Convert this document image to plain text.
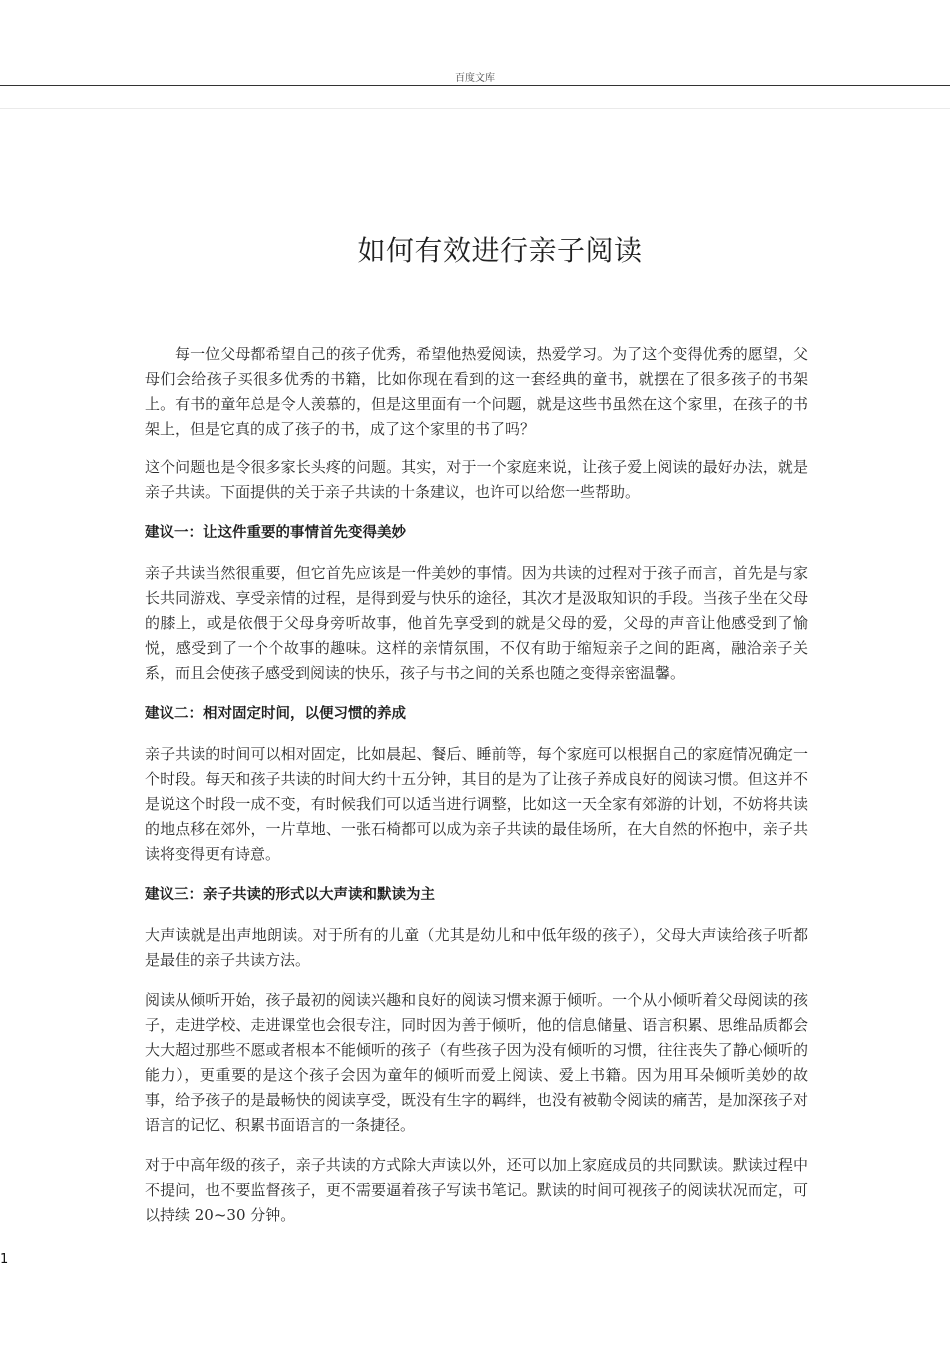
百度文库
如何有效进行亲子阅读

每一位父母都希望自己的孩子优秀，希望他热爱阅读，热爱学习。为了这个变得优秀的愿望，父母们会给孩子买很多优秀的书籍，比如你现在看到的这一套经典的童书，就摆在了很多孩子的书架上。有书的童年总是令人羡慕的，但是这里面有一个问题，就是这些书虽然在这个家里，在孩子的书架上，但是它真的成了孩子的书，成了这个家里的书了吗？

这个问题也是令很多家长头疼的问题。其实，对于一个家庭来说，让孩子爱上阅读的最好办法，就是亲子共读。下面提供的关于亲子共读的十条建议，也许可以给您一些帮助。

建议一：让这件重要的事情首先变得美妙

亲子共读当然很重要，但它首先应该是一件美妙的事情。因为共读的过程对于孩子而言，首先是与家长共同游戏、享受亲情的过程，是得到爱与快乐的途径，其次才是汲取知识的手段。当孩子坐在父母的膝上，或是依偎于父母身旁听故事，他首先享受到的就是父母的爱，父母的声音让他感受到了愉悦，感受到了一个个故事的趣味。这样的亲情氛围，不仅有助于缩短亲子之间的距离，融洽亲子关系，而且会使孩子感受到阅读的快乐，孩子与书之间的关系也随之变得亲密温馨。

建议二：相对固定时间，以便习惯的养成

亲子共读的时间可以相对固定，比如晨起、餐后、睡前等，每个家庭可以根据自己的家庭情况确定一个时段。每天和孩子共读的时间大约十五分钟，其目的是为了让孩子养成良好的阅读习惯。但这并不是说这个时段一成不变，有时候我们可以适当进行调整，比如这一天全家有郊游的计划，不妨将共读的地点移在郊外，一片草地、一张石椅都可以成为亲子共读的最佳场所，在大自然的怀抱中，亲子共读将变得更有诗意。

建议三：亲子共读的形式以大声读和默读为主

大声读就是出声地朗读。对于所有的儿童（尤其是幼儿和中低年级的孩子），父母大声读给孩子听都是最佳的亲子共读方法。

阅读从倾听开始，孩子最初的阅读兴趣和良好的阅读习惯来源于倾听。一个从小倾听着父母阅读的孩子，走进学校、走进课堂也会很专注，同时因为善于倾听，他的信息储量、语言积累、思维品质都会大大超过那些不愿或者根本不能倾听的孩子（有些孩子因为没有倾听的习惯，往往丧失了静心倾听的能力），更重要的是这个孩子会因为童年的倾听而爱上阅读、爱上书籍。因为用耳朵倾听美妙的故事，给予孩子的是最畅快的阅读享受，既没有生字的羁绊，也没有被勒令阅读的痛苦，是加深孩子对语言的记忆、积累书面语言的一条捷径。

对于中高年级的孩子，亲子共读的方式除大声读以外，还可以加上家庭成员的共同默读。默读过程中不提问，也不要监督孩子，更不需要逼着孩子写读书笔记。默读的时间可视孩子的阅读状况而定，可以持续 20~30 分钟。

1
